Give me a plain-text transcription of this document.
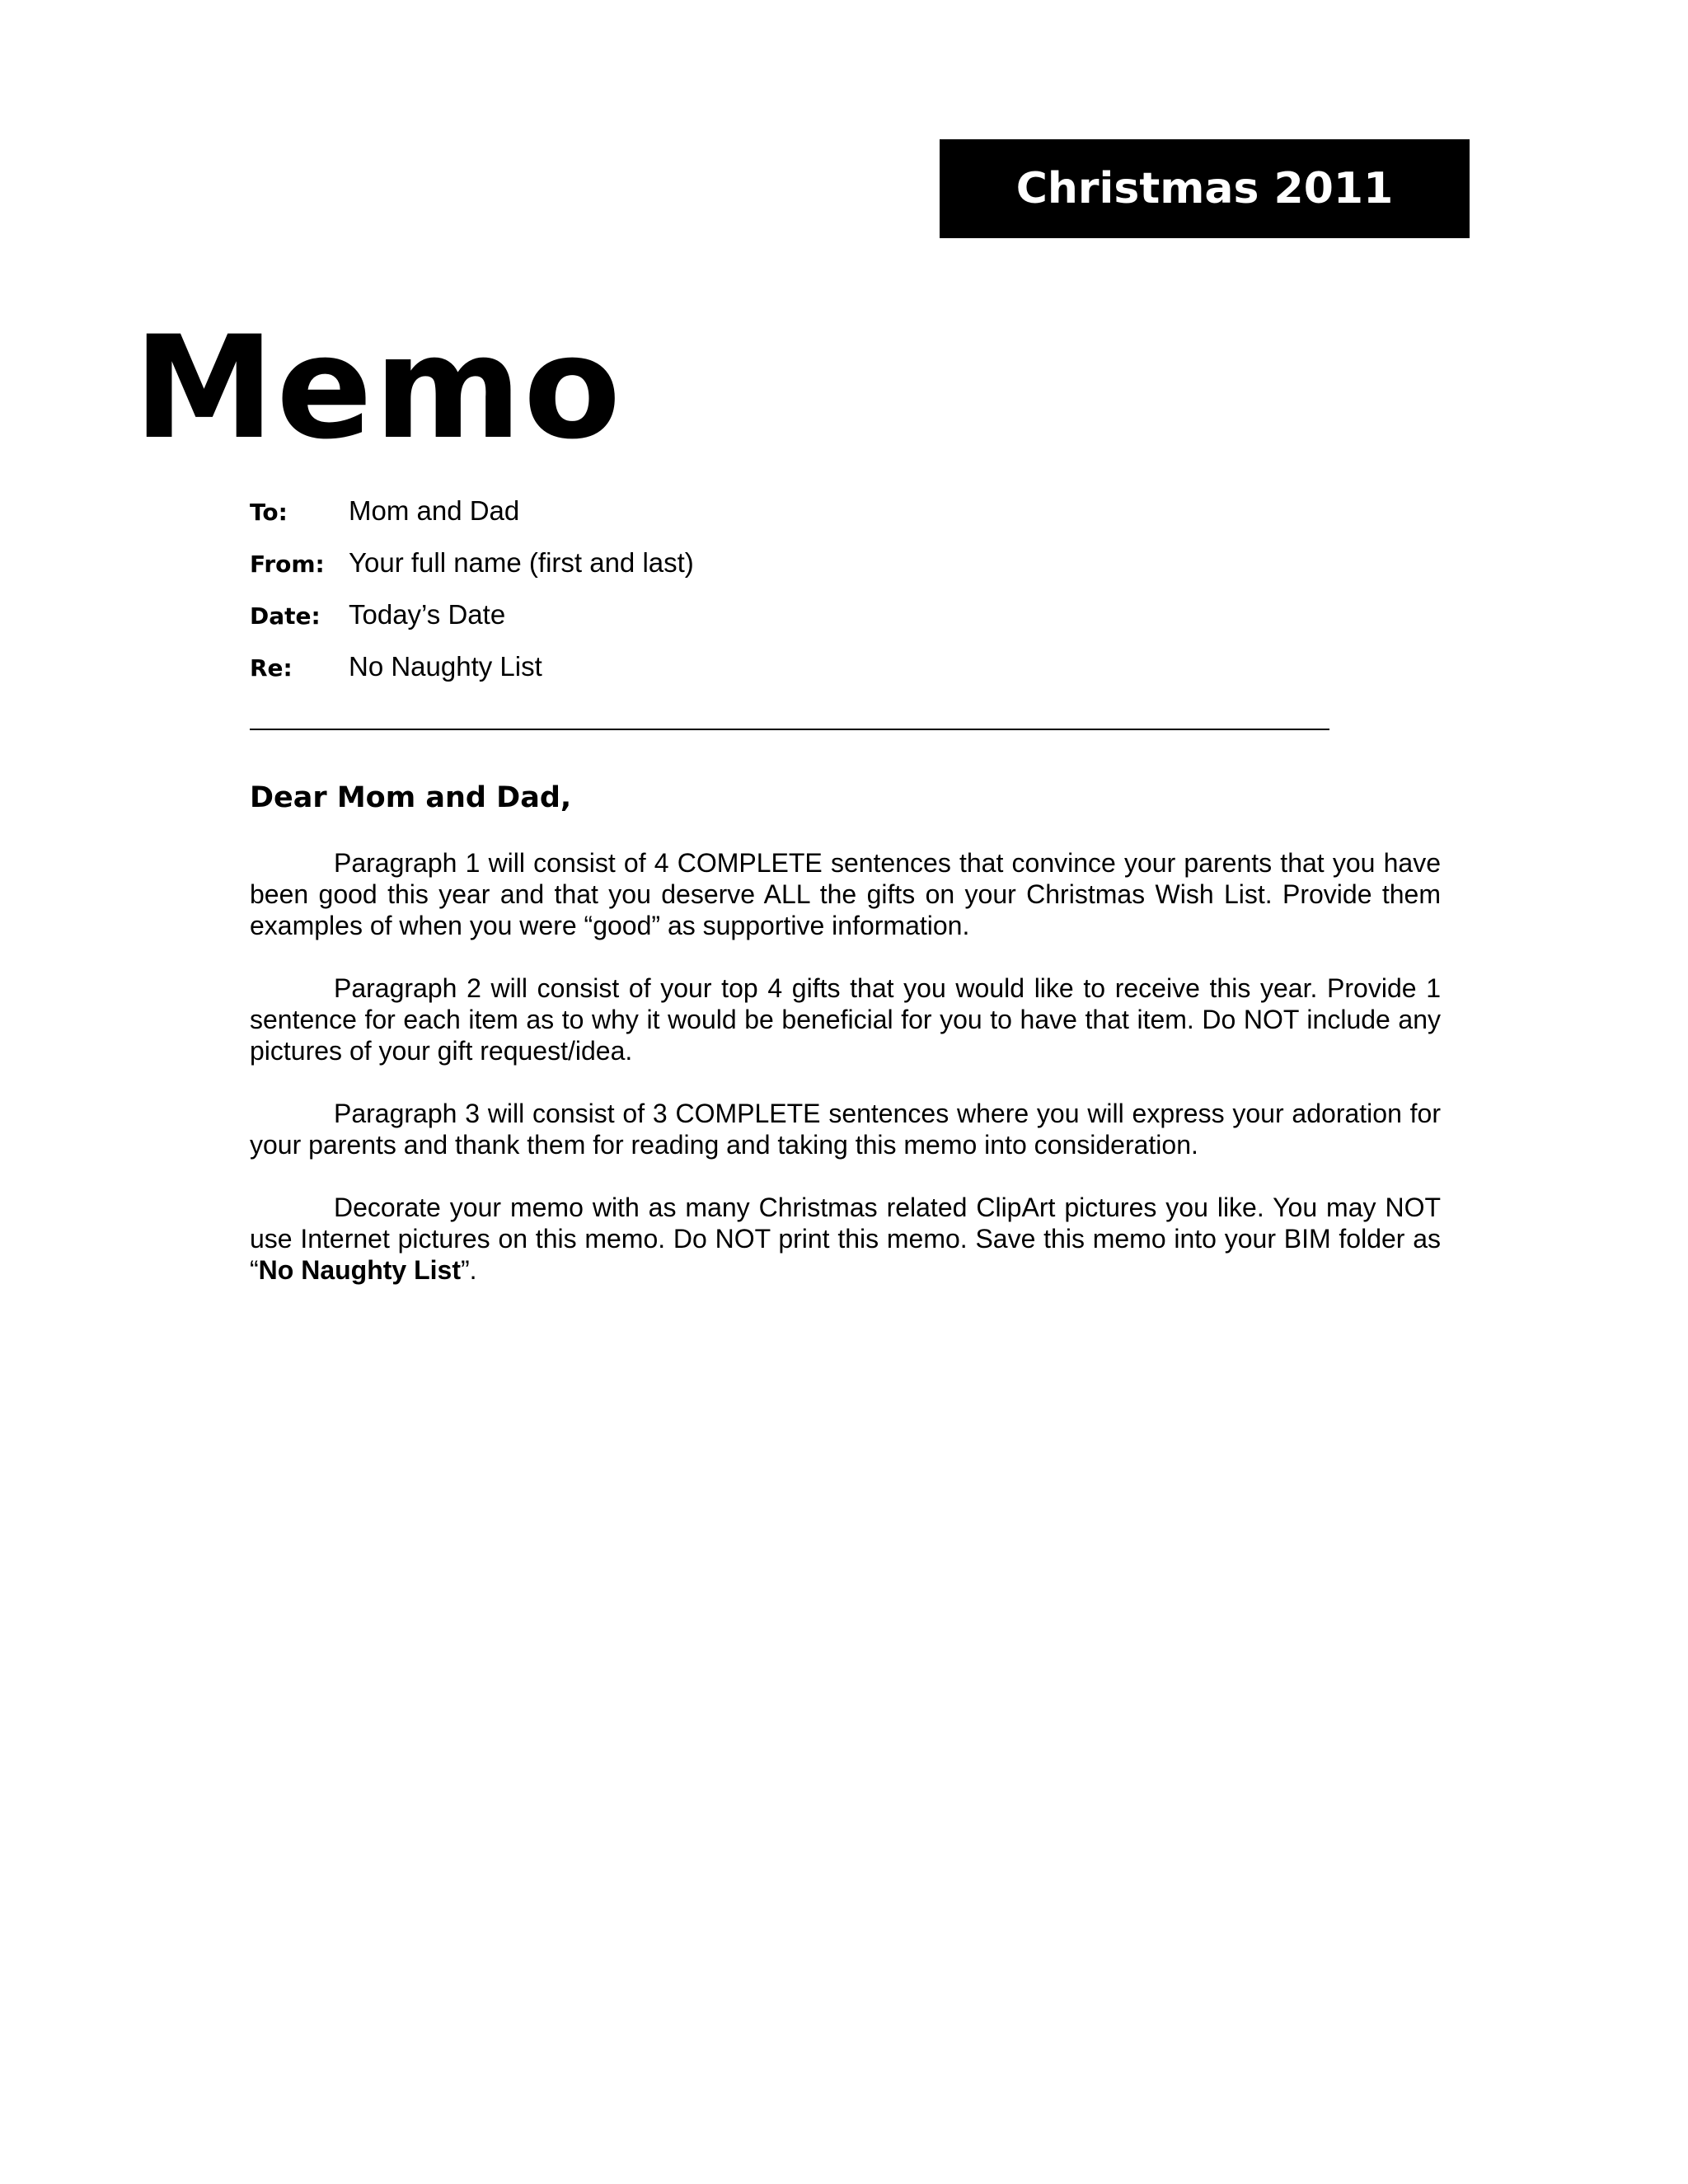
Christmas 2011
Memo
To:	Mom and Dad
From: Your full name (first and last)
Date:	Today’s Date
Re:	No Naughty List
Dear Mom and Dad,

Paragraph 1 will consist of 4 COMPLETE sentences that convince your parents that you have been good this year and that you deserve ALL the gifts on your Christmas Wish List. Provide them examples of when you were “good” as supportive information.

Paragraph 2 will consist of your top 4 gifts that you would like to receive this year. Provide 1 sentence for each item as to why it would be beneficial for you to have that item. Do NOT include any pictures of your gift request/idea.

Paragraph 3 will consist of 3 COMPLETE sentences where you will express your adoration for your parents and thank them for reading and taking this memo into consideration.

Decorate your memo with as many Christmas related ClipArt pictures you like. You may NOT use Internet pictures on this memo. Do NOT print this memo. Save this memo into your BIM folder as “No Naughty List”.
